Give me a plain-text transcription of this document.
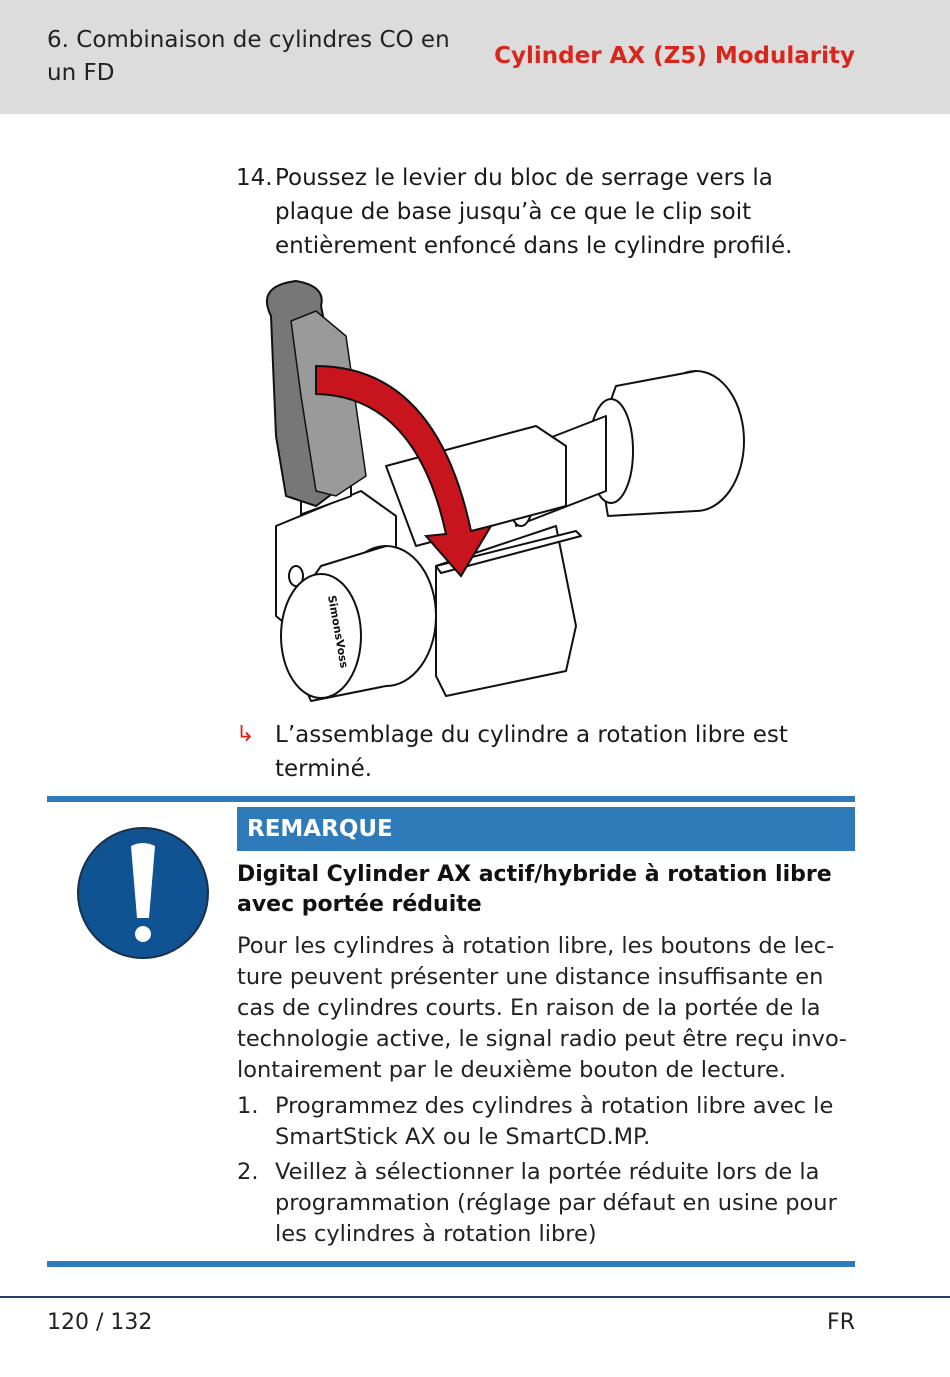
6. Combinaison de cylindres CO en un FD
Cylinder AX (Z5) Modularity
14. Poussez le levier du bloc de serrage vers la plaque de base jusqu’à ce que le clip soit entièrement enfoncé dans le cylindre profilé.
SimonsVoss
↳ L’assemblage du cylindre a rotation libre est terminé.
REMARQUE
Digital Cylinder AX actif/hybride à rotation libre avec portée réduite
Pour les cylindres à rotation libre, les boutons de lecture peuvent présenter une distance insuffisante en cas de cylindres courts. En raison de la portée de la technologie active, le signal radio peut être reçu involontairement par le deuxième bouton de lecture.
1. Programmez des cylindres à rotation libre avec le SmartStick AX ou le SmartCD.MP.
2. Veillez à sélectionner la portée réduite lors de la programmation (réglage par défaut en usine pour les cylindres à rotation libre)
120 / 132	FR
